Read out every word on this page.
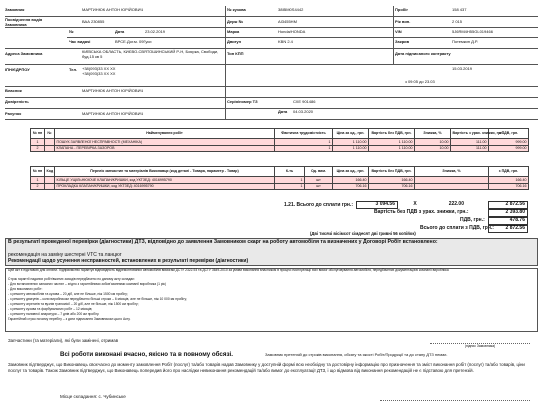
Замовник	МАРТИНЮК АНТОН ЮРІЙОВИЧ	№ кузова	38IBM0S4442	Пробіг	158 437
Посвідчення водія Замовника
ВАА 230855	Держ №	АІ3455НМ	Рік вип.	2 015
№	Дата	23.02.2019	Марка	Honda/HONDA	VIN	5J6RM4H55GL019466
Час видачі	ВРСЕ.Дог.м. 09Гуси	Двигун	KBN 2.4	Закрив	Потемкин Д.Р.
Адреса Замовника	КИЇВСЬКА ОБЛАСТЬ, КИЄВО-СВЯТОШИНСЬКИЙ Р-Н, Боярка, Свободи, буд.15 кв 5
Тип КПП	Дата підписаного контракту
ІПН/ЄДРПОУ	Тел. +38(093)33 XX XX
+38(093)33 XX XX
15.03.2019
з 09:05 до 23.03
Власник	МАРТИНЮК АНТОН ЮРІЙОВИЧ
Довіреність	Серія/номер ТЗ	СХЕ 901486
Дата 04.03.2020
Рахунок	МАРТИНЮК АНТОН ЮРІЙОВИЧ
№ пп	№	Найменування робіт	Фактична трудомісткість	Ціна за од., грн.	Вартість без ПДВ, грн.	Знижка, %	Вартість з урах. знижки, грн.	з ПДВ, грн.
1		ПОШУК ЗАЯВЛЕНОЇ НЕСПРАВНОСТІ (МЕХАНІКА)	1	1 110.00	1 110.00	10.00	111.00	999.00
2		КЛАПАНА - ПЕРЕВІРКА ЗАЗОРОВ	1	1 110.00	1 110.00	10.00	111.00	999.00
№ пп	Код	Перелік запчастин та матеріалів Виконавця (код деталі - Товара, параметр - Товар)	К-ть	Од. вим.	Ціна за од., грн.	Вартість без ПДВ, грн.	Знижка, %	з ПДВ, грн.
1		КІЛЬЦЕ УЩІЛЬНЮЮЧЕ КЛАПАН/КРИШКИ, код УКТЗЕД: 4016995790	1	шт	166.40	166.40		166.40
2		ПРОКЛАДКА КЛАПАН/КРИШКИ, код УКТЗЕД: 4016995790	1	шт	706.16	706.16		706.16
1.21. Всього до сплати грн.:	3 094.56	Х	222.00	2 872.56
Вартість без ПДВ з урах. знижки, грн.:	2 393.80
ПДВ, грн.:	478.76
Всього до сплати з ПДВ, грн.:	2 872.56
(Дві тисячі вісімсот сімдесят дві гривні 56 копійок)
В результаті проведеної перевірки (діагностики) ДТЗ, відповідно до заявлення Замовником скарг на роботу автомобіля та визначених у Договорі Робіт встановлено:
рекомендація на заміну шестерні VTC та ланцюг
Рекомендації щодо усунення несправностей, встановлених в результаті перевірки (діагностики)
Цей акт є підставою для оплати. Підприємство гарантує відповідність відремонтованих автомобілів вимогам ДСТУ 2322-93 та ДСТУ 3649-2010 за умови виконання власником в процесі експлуатації всіх вимог обслуговування автомобіля, передбачених документацією компанії виробника
Строк гарантії наданих робіт/вжитих заходів передбачено по даному акту складає:
- Для встановлених запасних частин – згідно з гарантійними зобов'язаннями компанії виробника (1 рік)
- Для виконаних робіт:
- з ремонту автомобілів та кузова – 20 діб, але не більше, ніж 1500 км пробігу;
- з ремонту двигунів – коли виробником передбачено більші строки – 6 місяців, але не більше, ніж 10 000 км пробігу;
- з ремонту агрегатів та вузлів трансмісії – 20 діб, але не більше, ніж 1500 км пробігу;
- з ремонту кузова та фарбувальних робіт – 12 місяців;
- з ремонту паливної апаратури – 7 днів або 200 км пробігу.
Гарантійний строк початку перебігу – з дати підписання Замовником цього Акту.
Запчастини (та матеріали), які були замінені, отримав
(підпис Замовника)
Всі роботи виконані вчасно, якісно та в повному обсязі.	Замовник претензій до строків виконання, обсягу та якості Робіт/Продукції та до стану ДТЗ немає.
Замовник підтверджує, що Виконавець своєчасно до моменту замовлення Робіт (послуг) та/або товарів надав Замовнику у доступній формі всю необхідну та достовірну інформацію про призначення та зміст виконання робіт (послуг) та/або товарів, ціни послуг та товарів. Також Замовник підтверджує, що Виконавець попередив його про наслідки невиконання рекомендацій та/або вимог до експлуатації ДТЗ, і що відмова від виконання рекомендацій не є підставою для претензій.
Місце складання: с. Чубинське
